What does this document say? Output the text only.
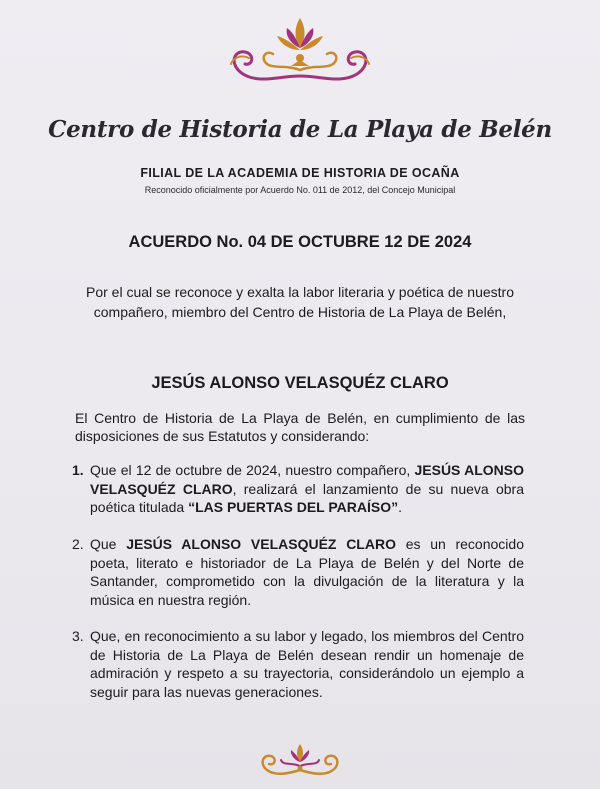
Centro de Historia de La Playa de Belén
FILIAL DE LA ACADEMIA DE HISTORIA DE OCAÑA
Reconocido oficialmente por Acuerdo No. 011 de 2012, del Concejo Municipal
ACUERDO No. 04 DE OCTUBRE 12 DE 2024
Por el cual se reconoce y exalta la labor literaria y poética de nuestro
compañero, miembro del Centro de Historia de La Playa de Belén,
JESÚS ALONSO VELASQUÉZ CLARO
El Centro de Historia de La Playa de Belén, en cumplimiento de las disposiciones de sus Estatutos y considerando:
1. Que el 12 de octubre de 2024, nuestro compañero, JESÚS ALONSO VELASQUÉZ CLARO, realizará el lanzamiento de su nueva obra poética titulada “LAS PUERTAS DEL PARAÍSO”.
2. Que JESÚS ALONSO VELASQUÉZ CLARO es un reconocido poeta, literato e historiador de La Playa de Belén y del Norte de Santander, comprometido con la divulgación de la literatura y la música en nuestra región.
3. Que, en reconocimiento a su labor y legado, los miembros del Centro de Historia de La Playa de Belén desean rendir un homenaje de admiración y respeto a su trayectoria, considerándolo un ejemplo a seguir para las nuevas generaciones.
